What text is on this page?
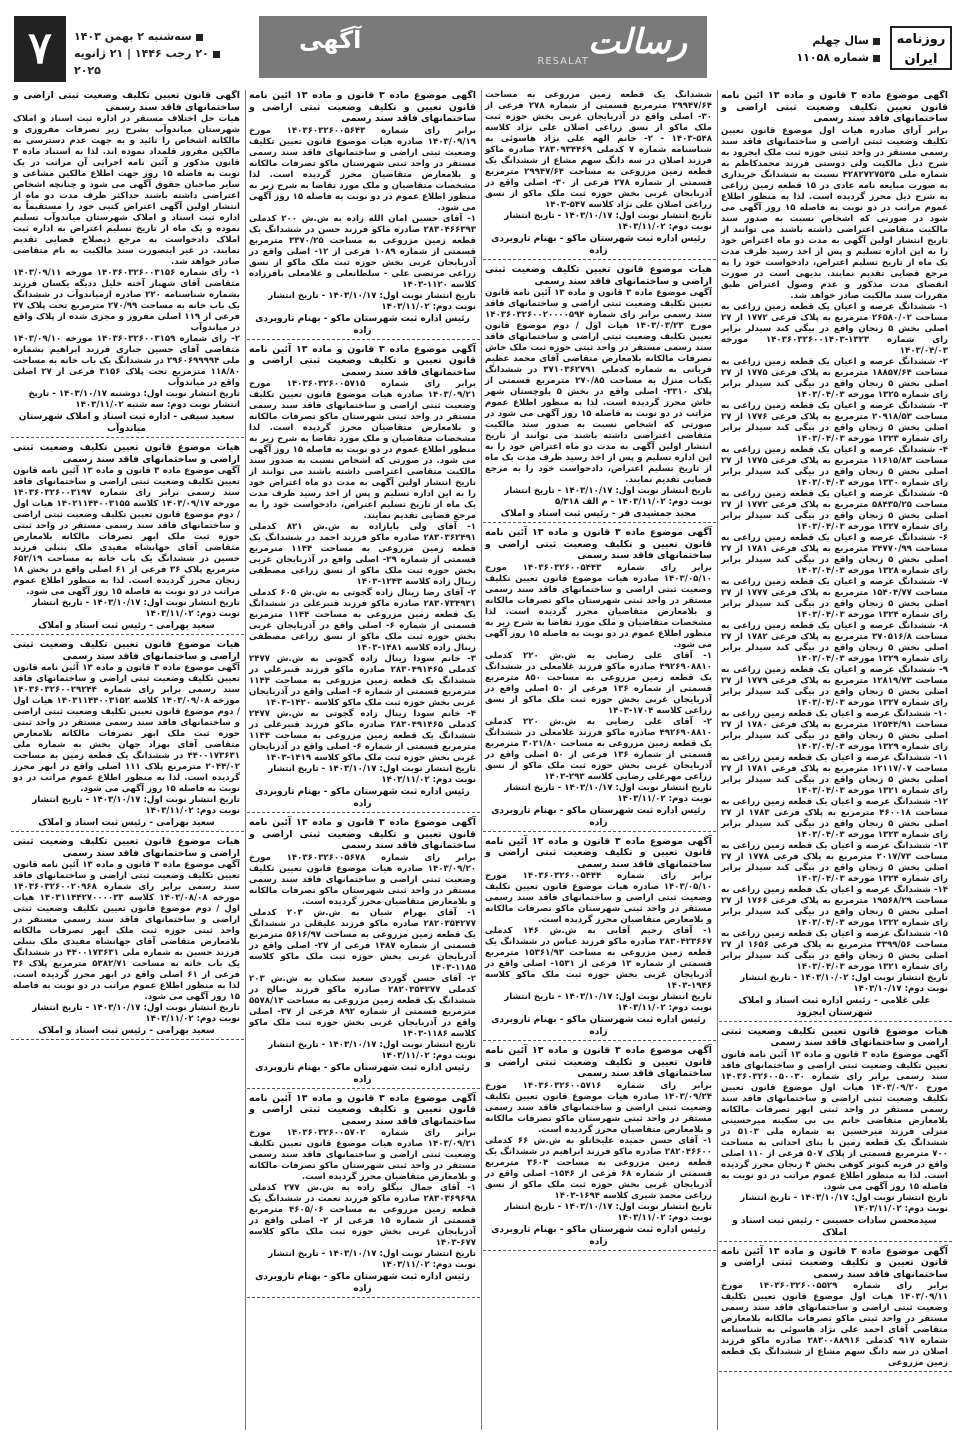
۷	سه‌شنبه ۲ بهمن ۱۴۰۳
۲۰ رجب ۱۴۴۶ | ۲۱ ژانویه ۲۰۲۵
آگهی	رسالت
RESALAT
روزنامه ایران
سال چهلم
شماره ۱۱۰۵۸
آگهی موضوع ماده ۳ قانون و ماده ۱۳ آئین نامه قانون تعیین تکلیف وضعیت ثبتی اراضی و ساختمانهای فاقد سند رسمی
برابر آرای صادره هیات اول موضوع قانون تعیین تکلیف وضعیت ثبتی اراضی و ساختمانهای فاقد سند رسمی مستقر در واحد ثبتی حوزه ثبت ملک ایجرود به شرح ذیل مالکیت ولی دوستی فرزند محمدکاظم به شماره ملی ۴۲۸۲۷۲۷۵۳۵ نسبت به ششدانگ خریداری به صورت مبایعه نامه عادی در ۱۵ قطعه زمین زراعی به شرح ذیل محرز گردیده است. لذا به منظور اطلاع عموم مراتب در دو نوبت به فاصله ۱۵ روز آگهی می شود در صورتی که اشخاص نسبت به صدور سند مالکیت متقاضی اعتراضی داشته باشند می توانند از تاریخ انتشار اولین آگهی به مدت دو ماه اعتراض خود را به این اداره تسلیم و پس از اخذ رسید ظرف مدت یک ماه از تاریخ تسلیم اعتراض، دادخواست خود را به مرجع قضایی تقدیم نمایند. بدیهی است در صورت انقضای مدت مذکور و عدم وصول اعتراض طبق مقررات سند مالکیت صادر خواهد شد.
۱- ششدانگ عرصه و اعیان یک قطعه زمین زراعی به مساحت ۲۶۵۸۰/۰۲ مترمربع به پلاک فرعی ۱۷۷۲ از ۲۷ اصلی بخش ۵ زنجان واقع در بیگی کند سیدلر برابر رای شماره ۱۳۲۳-۱۴۰۳۶۰۳۲۶۰۰۱۴۰۳ مورخه ۱۴۰۳/۰۴/۰۳
۲- ششدانگ عرصه و اعیان یک قطعه زمین زراعی به مساحت ۱۸۸۵۷/۶۴ مترمربع به پلاک فرعی ۱۷۷۵ از ۲۷ اصلی بخش ۵ زنجان واقع در بیگی کند سیدلر برابر رای شماره ۱۳۲۵ مورخه ۱۴۰۳/۰۴/۰۳
۳- ششدانگ عرصه و اعیان یک قطعه زمین زراعی به مساحت ۲۰۹۱۸/۵۳ مترمربع به پلاک فرعی ۱۷۷۶ از ۲۷ اصلی بخش ۵ زنجان واقع در بیگی کند سیدلر برابر رای شماره ۱۳۲۳ مورخه ۱۴۰۳/۰۴/۰۳
۴- ششدانگ عرصه و اعیان یک قطعه زمین زراعی به مساحت ۱۱۶۱۵/۸۳ مترمربع به پلاک فرعی ۱۷۷۵ از ۲۷ اصلی بخش ۵ زنجان واقع در بیگی کند سیدلر برابر رای شماره ۱۳۳۰ مورخه ۱۴۰۳/۰۴/۰۳
۵- ششدانگ عرصه و اعیان یک قطعه زمین زراعی به مساحت ۵۸۴۳۵/۲۵ مترمربع به پلاک فرعی ۱۷۷۲ از ۲۷ اصلی بخش ۵ زنجان واقع در بیگی کند سیدلر برابر رای شماره ۱۳۲۷ مورخه ۱۴۰۳/۰۴/۰۳
۶- ششدانگ عرصه و اعیان یک قطعه زمین زراعی به مساحت ۳۴۷۷۰/۹۹ مترمربع به پلاک فرعی ۱۷۸۱ از ۲۷ اصلی بخش ۵ زنجان واقع در بیگی کند سیدلر برابر رای شماره ۱۳۲۸ مورخه ۱۴۰۳/۰۴/۰۳
۷- ششدانگ عرصه و اعیان یک قطعه زمین زراعی به مساحت ۱۵۴۰۴/۷۷ مترمربع به پلاک فرعی ۱۷۷۷ از ۲۷ اصلی بخش ۵ زنجان واقع در بیگی کند سیدلر برابر رای شماره ۱۳۲۴ مورخه ۱۴۰۳/۰۴/۰۳
۸- ششدانگ عرصه و اعیان یک قطعه زمین زراعی به مساحت ۳۷۰۵۱۶/۸ مترمربع به پلاک فرعی ۱۷۸۲ از ۲۷ اصلی بخش ۵ زنجان واقع در بیگی کند سیدلر برابر رای شماره ۱۳۲۹ مورخه ۱۴۰۳/۰۴/۰۳
۹- ششدانگ عرصه و اعیان یک قطعه زمین زراعی به مساحت ۱۲۸۱۹/۷۳ مترمربع به پلاک فرعی ۱۷۷۹ از ۲۷ اصلی بخش ۵ زنجان واقع در بیگی کند سیدلر برابر رای شماره ۱۳۲۷ مورخه ۱۴۰۳/۰۴/۰۳
۱۰- ششدانگ عرصه و اعیان یک قطعه زمین زراعی به مساحت ۱۲۵۴۴/۹۱ مترمربع به پلاک فرعی ۱۷۸۰ از ۲۷ اصلی بخش ۵ زنجان واقع در بیگی کند سیدلر برابر رای شماره ۱۳۲۹ مورخه ۱۴۰۳/۰۴/۰۳
۱۱- ششدانگ عرصه و اعیان یک قطعه زمین زراعی به مساحت ۱۲۱۱۷/۰۷ مترمربع به پلاک فرعی ۱۷۸۱ از ۲۷ اصلی بخش ۵ زنجان واقع در بیگی کند سیدلر برابر رای شماره ۱۳۲۱ مورخه ۱۴۰۳/۰۴/۰۳
۱۲- ششدانگ عرصه و اعیان یک قطعه زمین زراعی به مساحت ۴۶۰۰۱۸ مترمربع به پلاک فرعی ۱۷۸۳ از ۲۷ اصلی بخش ۵ زنجان واقع در بیگی کند سیدلر برابر رای شماره ۱۳۲۳ مورخه ۱۴۰۳/۰۴/۰۳
۱۳- ششدانگ عرصه و اعیان یک قطعه زمین زراعی به مساحت ۲۰۱۷/۷۳ مترمربع به پلاک فرعی ۱۷۷۸ از ۲۷ اصلی بخش ۵ زنجان واقع در بیگی کند سیدلر برابر رای شماره ۱۳۲۴ مورخه ۱۴۰۳/۰۴/۰۳
۱۴- ششدانگ عرصه و اعیان یک قطعه زمین زراعی به مساحت ۱۹۵۶۸/۲۹ مترمربع به پلاک فرعی ۱۷۶۶ از ۲۷ اصلی بخش ۵ زنجان واقع در بیگی کند سیدلر برابر رای شماره ۱۳۲۲ مورخه ۱۴۰۳/۰۴/۰۳
۱۵- ششدانگ عرصه و اعیان یک قطعه زمین زراعی به مساحت ۳۳۹۹/۵۶ مترمربع به پلاک فرعی ۱۶۵۶ از ۲۷ اصلی بخش ۵ زنجان واقع در بیگی کند سیدلر برابر رای شماره ۱۳۲۱ مورخه ۱۴۰۳/۰۴/۰۳
تاریخ انتشار نوبت اول: ۱۴۰۳/۱۰/۰۲ - تاریخ انتشار نوبت دوم: ۱۴۰۳/۱۰/۱۷
علی غلامی - رئیس اداره ثبت اسناد و املاک شهرستان ایجرود
هیات موضوع قانون تعیین تکلیف وضعیت ثبتی اراضی و ساختمانهای فاقد سند رسمی
آگهی موضوع ماده ۳ قانون و ماده ۱۳ آئین نامه قانون تعیین تکلیف وضعیت ثبتی اراضی و ساختمانهای فاقد سند رسمی برابر رای شماره ۱۴۰۳۶۰۳۲۶۰۰۵۰۰۳۰ مورخ ۱۴۰۳/۰۹/۲۰ هیات اول موضوع قانون تعیین تکلیف وضعیت ثبتی اراضی و ساختمانهای فاقد سند رسمی مستقر در واحد ثبتی ابهر تصرفات مالکانه بلامعارض متقاضی خانم بی بی سکینه میرحسینی منزلی فرزند میرحسین به شماره ملی ۵۱۰۳ در ششدانگ یک قطعه زمین با بنای احداثی به مساحت ۷۰۰ مترمربع قسمتی از پلاک ۵۰۷ فرعی از ۱۱۰ اصلی واقع در قریه کبوتر کوهی بخش ۴ زنجان محرز گردیده است. لذا به منظور اطلاع عموم مراتب در دو نوبت به فاصله ۱۵ روز آگهی می شود.
تاریخ انتشار نوبت اول: ۱۴۰۳/۱۰/۱۷ - تاریخ انتشار نوبت دوم: ۱۴۰۳/۱۱/۰۲
سیدمحسن سادات حسینی - رئیس ثبت اسناد و املاک
آگهی موضوع ماده ۳ قانون و ماده ۱۳ آئین نامه قانون تعیین و تکلیف وضعیت ثبتی اراضی و ساختمانهای فاقد سند رسمی
برابر رای شماره ۱۴۰۳۶۰۳۲۶۰۰۵۵۲۹ مورخ ۱۴۰۳/۰۹/۱۱ هیات اول موضوع قانون تعیین تکلیف وضعیت ثبتی اراضی و ساختمانهای فاقد سند رسمی مستقر در واحد ثبتی ماکو تصرفات مالکانه بلامعارض متقاضی آقای احمد علی نژاد هاسوئی به شناسنامه شماره ۹۱۷ کدملی ۲۸۳۰۰۸۸۹۱۶ صادره ماکو فرزند اصلان در سه دانگ سهم مشاع از ششدانگ یک قطعه زمین مزروعی
ششدانگ یک قطعه زمین مزروعی به مساحت ۲۹۹۴۷/۶۴ مترمربع قسمتی از شماره ۲۷۸ فرعی از ۳۰- اصلی واقع در آذربایجان غربی بخش حوزه ثبت ملک ماکو از نسق زراعی اصلان علی نژاد کلاسه ۵۴۸-۱۴۰۳ - ۲- خانم الهه علی نژاد هاسوئی به شناسنامه شماره ۷ کدملی ۲۸۳۰۹۳۴۴۶۹ صادره ماکو فرزند اصلان در سه دانگ سهم مشاع از ششدانگ یک قطعه زمین مزروعی به مساحت ۲۹۹۴۷/۶۴ مترمربع قسمتی از شماره ۲۷۸ فرعی از ۳۰- اصلی واقع در آذربایجان غربی بخش حوزه ثبت ملک ماکو از نسق زراعی اصلان علی نژاد کلاسه ۵۴۷-۱۴۰۳
تاریخ انتشار نوبت اول: ۱۴۰۳/۱۰/۱۷ - تاریخ انتشار نوبت دوم: ۱۴۰۳/۱۱/۰۲
رئیس اداره ثبت شهرستان ماکو - بهنام تاروبردی زاده
هیات موضوع قانون تعیین تکلیف وضعیت ثبتی اراضی و ساختمانهای فاقد سند رسمی
آگهی موضوع ماده ۳ قانون و ماده ۱۳ آئین نامه قانون تعیین تکلیف وضعیت ثبتی اراضی و ساختمانهای فاقد سند رسمی برابر رای شماره ۱۴۰۳۶۰۳۲۶۰۰۲۰۰۰۰۵۹۴ مورخ ۱۴۰۳/۰۳/۲۳ هیات اول / دوم موضوع قانون تعیین تکلیف وضعیت ثبتی اراضی و ساختمانهای فاقد سند رسمی مستقر در واحد ثبتی حوزه ثبت ملک خاش تصرفات مالکانه بلامعارض متقاضی آقای محمد عظیم قربانی به شماره کدملی ۳۷۱۰۳۶۲۷۹۱ در ششدانگ یکباب منزل به مساحت ۲۷۰/۸۵ مترمربع قسمتی از پلاک ۳۳۱۰- اصلی واقع در بخش ۵ بلوچستان شهر خاش محرز گردیده است. لذا به منظور اطلاع عموم مراتب در دو نوبت به فاصله ۱۵ روز آگهی می شود در صورتی که اشخاص نسبت به صدور سند مالکیت متقاضی اعتراضی داشته باشند می توانند از تاریخ انتشار اولین آگهی به مدت دو ماه اعتراض خود را به این اداره تسلیم و پس از اخذ رسید ظرف مدت یک ماه از تاریخ تسلیم اعتراض، دادخواست خود را به مرجع قضایی تقدیم نمایند.
تاریخ انتشار نوبت اول: ۱۴۰۳/۱۰/۱۷ - تاریخ انتشار نوبت دوم: ۱۴۰۳/۱۱/۰۲ - م الف ۵/۳۱۸
مجید جمشیدی فر - رئیس ثبت اسناد و املاک
آگهی موضوع ماده ۳ قانون و ماده ۱۳ آئین نامه قانون تعیین و تکلیف وضعیت ثبتی اراضی و ساختمانهای فاقد سند رسمی
برابر رای شماره ۱۴۰۳۶۰۳۲۶۰۰۵۴۴۳ مورخ ۱۴۰۳/۰۵/۱۰ صادره هیات موضوع قانون تعیین تکلیف وضعیت ثبتی اراضی و ساختمانهای فاقد سند رسمی مستقر در واحد ثبتی شهرستان ماکو تصرفات مالکانه و بلامعارض متقاضیان محرز گردیده است. لذا مشخصات متقاضیان و ملک مورد تقاضا به شرح زیر به منظور اطلاع عموم در دو نوبت به فاصله ۱۵ روز آگهی می شود.
۱- آقای علی رضایی به ش.ش ۲۲۰ کدملی ۴۹۲۶۹۰۸۸۱۰ صادره ماکو فرزند غلامعلی در ششدانگ یک قطعه زمین مزروعی به مساحت ۸۵۰ مترمربع قسمتی از شماره ۱۳۶ فرعی از ۵۰ اصلی واقع در آذربایجان غربی بخش حوزه ثبت ملک ماکو از نسق زراعی کلاسه ۱۷۰۴-۱۴۰۳
۲- آقای علی رضایی به ش.ش ۲۲۰ کدملی ۴۹۲۶۹۰۸۸۱۰ صادره ماکو فرزند غلامعلی در ششدانگ یک قطعه زمین مزروعی به مساحت ۳۰۲۱/۸۰ مترمربع قسمتی از شماره ۱۳۶ فرعی از ۵۰ اصلی واقع در آذربایجان غربی بخش حوزه ثبت ملک ماکو از نسق زراعی مهرعلی رضایی کلاسه ۲۹۳-۱۴۰۳
تاریخ انتشار نوبت اول: ۱۴۰۳/۱۰/۱۷ - تاریخ انتشار نوبت دوم: ۱۴۰۳/۱۱/۰۲
رئیس اداره ثبت شهرستان ماکو - بهنام تاروبردی زاده
آگهی موضوع ماده ۳ قانون و ماده ۱۳ آئین نامه قانون تعیین و تکلیف وضعیت ثبتی اراضی و ساختمانهای فاقد سند رسمی
برابر رای شماره ۱۴۰۳۶۰۳۲۶۰۰۵۴۴۴ مورخ ۱۴۰۳/۰۵/۱۰ صادره هیات موضوع قانون تعیین تکلیف وضعیت ثبتی اراضی و ساختمانهای فاقد سند رسمی مستقر در واحد ثبتی شهرستان ماکو تصرفات مالکانه و بلامعارض متقاضیان محرز گردیده است.
۱- آقای رحیم آقایی به ش.ش ۱۴۶ کدملی ۲۸۳۰۴۲۳۶۶۷ صادره ماکو فرزند عباس در ششدانگ یک قطعه زمین مزروعی به مساحت ۱۵۳۶۱/۹۳ مترمربع قسمتی از شماره ۱۳ فرعی از ۱۵۳۱- اصلی واقع در آذربایجان غربی بخش حوزه ثبت ملک ماکو کلاسه ۱۹۴۶-۱۴۰۳
تاریخ انتشار نوبت اول: ۱۴۰۳/۱۰/۱۷ - تاریخ انتشار نوبت دوم: ۱۴۰۳/۱۱/۰۲
رئیس اداره ثبت شهرستان ماکو - بهنام تاروبردی زاده
آگهی موضوع ماده ۳ قانون و ماده ۱۳ آئین نامه قانون تعیین و تکلیف وضعیت ثبتی اراضی و ساختمانهای فاقد سند رسمی
برابر رای شماره ۱۴۰۳۶۰۳۲۶۰۰۵۷۱۶ مورخ ۱۴۰۳/۰۹/۲۴ صادره هیات موضوع قانون تعیین تکلیف وضعیت ثبتی اراضی و ساختمانهای فاقد سند رسمی مستقر در واحد ثبتی شهرستان ماکو تصرفات مالکانه و بلامعارض متقاضیان محرز گردیده است.
۱- آقای حسن حمیده علیخانلو به ش.ش ۶۶ کدملی ۲۸۲۰۴۶۶۰۰ صادره ماکو فرزند ابراهیم در ششدانگ یک قطعه زمین مزروعی به مساحت ۳۶۰۴ مترمربع قسمتی از شماره ۶۸ فرعی از ۱۵۴۶- اصلی واقع در آذربایجان غربی بخش حوزه ثبت ملک ماکو از نسق زراعی محمد شیری کلاسه ۱۶۹۴-۱۴۰۳
تاریخ انتشار نوبت اول: ۱۴۰۳/۱۰/۱۷ - تاریخ انتشار نوبت دوم: ۱۴۰۳/۱۱/۰۲
رئیس اداره ثبت شهرستان ماکو - بهنام تاروبردی زاده
آگهی موضوع ماده ۳ قانون و ماده ۱۳ آئین نامه قانون تعیین و تکلیف وضعیت ثبتی اراضی و ساختمانهای فاقد سند رسمی
برابر رای شماره ۱۴۰۳۶۰۳۲۶۰۰۵۶۴۳ مورخ ۱۴۰۳/۰۹/۱۹ صادره هیات موضوع قانون تعیین تکلیف وضعیت ثبتی اراضی و ساختمانهای فاقد سند رسمی مستقر در واحد ثبتی شهرستان ماکو تصرفات مالکانه و بلامعارض متقاضیان محرز گردیده است. لذا مشخصات متقاضیان و ملک مورد تقاضا به شرح زیر به منظور اطلاع عموم در دو نوبت به فاصله ۱۵ روز آگهی می شود.
۱- آقای حسین امان الله زاده به ش.ش ۲۰۰ کدملی ۲۸۳۰۴۶۶۳۹۳ صادره ماکو فرزند حسن در ششدانگ یک قطعه زمین مزروعی به مساحت ۳۳۷۰/۲۵ مترمربع قسمتی از شماره ۱۰۸۹ فرعی از ۱۲- اصلی واقع در آذربایجان غربی بخش حوزه ثبت ملک ماکو از نسق زراعی مرتضی علی - سلطانعلی و غلامعلی باقرزاده کلاسه ۱۱۲۰-۱۴۰۳
تاریخ انتشار نوبت اول: ۱۴۰۳/۱۰/۱۷ - تاریخ انتشار نوبت دوم: ۱۴۰۳/۱۱/۰۲
رئیس اداره ثبت شهرستان ماکو - بهنام تاروبردی زاده
آگهی موضوع ماده ۳ قانون و ماده ۱۳ آئین نامه قانون تعیین و تکلیف وضعیت ثبتی اراضی و ساختمانهای فاقد سند رسمی
برابر رای شماره ۱۴۰۳۶۰۳۲۶۰۰۵۷۱۵ مورخ ۱۴۰۳/۰۹/۲۱ صادره هیات موضوع قانون تعیین تکلیف وضعیت ثبتی اراضی و ساختمانهای فاقد سند رسمی مستقر در واحد ثبتی شهرستان ماکو تصرفات مالکانه و بلامعارض متقاضیان محرز گردیده است. لذا مشخصات متقاضیان و ملک مورد تقاضا به شرح زیر به منظور اطلاع عموم در دو نوبت به فاصله ۱۵ روز آگهی می شود. در صورتی که اشخاص نسبت به صدور سند مالکیت متقاضی اعتراضی داشته باشند می توانند از تاریخ انتشار اولین آگهی به مدت دو ماه اعتراض خود را به این اداره تسلیم و پس از اخذ رسید ظرف مدت یک ماه از تاریخ تسلیم اعتراض، دادخواست خود را به مرجع قضایی تقدیم نمایند.
۱- آقای ولی بابازاده به ش.ش ۸۲۱ کدملی ۲۸۳۰۳۶۲۴۹۱ صادره ماکو فرزند احمد در ششدانگ یک قطعه زمین مزروعی به مساحت ۱۱۴۴ مترمربع قسمتی از شماره ۲۹- اصلی واقع در آذربایجان غربی بخش حوزه ثبت ملک ماکو از نسق زراعی مصطفی زینال زاده کلاسه ۱۲۴۳-۱۴۰۳
۲- آقای رضا زینال زاده گجوتی به ش.ش ۶۰۵ کدملی ۲۸۳۰۷۳۴۹۳۱ صادره ماکو فرزند قنبرعلی در ششدانگ یک قطعه زمین مزروعی به مساحت ۱۱۴۴ مترمربع قسمتی از شماره ۶- اصلی واقع در آذربایجان غربی بخش حوزه ثبت ملک ماکو از نسق زراعی مصطفی زینال زاده کلاسه ۱۴۸۱-۱۴۰۳
۳- خانم سودا زینال زاده گجوتی به ش.ش ۲۴۷۷ کدملی ۲۸۳۰۴۹۱۴۶۵ صادره ماکو فرزند قنبرعلی در ششدانگ یک قطعه زمین مزروعی به مساحت ۱۱۴۴ مترمربع قسمتی از شماره ۶- اصلی واقع در آذربایجان غربی بخش حوزه ثبت ملک ماکو کلاسه ۱۴۲۰-۱۴۰۳
۴- خانم سودا زینال زاده گجوتی به ش.ش ۲۴۷۷ کدملی ۲۸۳۰۴۹۱۴۶۵ صادره ماکو فرزند قنبرعلی در ششدانگ یک قطعه زمین مزروعی به مساحت ۱۱۴۴ مترمربع قسمتی از شماره ۶- اصلی واقع در آذربایجان غربی بخش حوزه ثبت ملک ماکو کلاسه ۱۴۱۹-۱۴۰۳
تاریخ انتشار نوبت اول: ۱۴۰۳/۱۰/۱۷ - تاریخ انتشار نوبت دوم: ۱۴۰۳/۱۱/۰۲
رئیس اداره ثبت شهرستان ماکو - بهنام تاروبردی زاده
آگهی موضوع ماده ۳ قانون و ماده ۱۳ آئین نامه قانون تعیین و تکلیف وضعیت ثبتی اراضی و ساختمانهای فاقد سند رسمی
برابر رای شماره ۱۴۰۳۶۰۳۲۶۰۰۵۶۷۸ مورخ ۱۴۰۳/۰۹/۲۰ صادره هیات موضوع قانون تعیین تکلیف وضعیت ثبتی اراضی و ساختمانهای فاقد سند رسمی مستقر در واحد ثبتی شهرستان ماکو تصرفات مالکانه و بلامعارض متقاضیان محرز گردیده است.
۱- آقای بهرام شبان به ش.ش ۲۰۳ کدملی ۲۸۲۰۳۵۴۲۷۷ صادره ماکو فرزند علیقلی در ششدانگ یک قطعه زمین مزروعی به مساحت ۵۶۱۶/۹۷ مترمربع قسمتی از شماره ۱۴۸۷ فرعی از ۲۷- اصلی واقع در آذربایجان غربی بخش حوزه ثبت ملک ماکو کلاسه ۱۱۸۵-۱۴۰۳
۲- آقای حسن گوردی سعید سکبان به ش.ش ۲۰۳ کدملی ۲۸۲۰۳۵۴۲۷۷ صادره ماکو فرزند صالح در ششدانگ یک قطعه زمین مزروعی به مساحت ۵۵۷۸/۱۴ مترمربع قسمتی از شماره ۸۹۲ فرعی از ۳۷- اصلی واقع در آذربایجان غربی بخش حوزه ثبت ملک ماکو کلاسه ۱۱۸۶-۱۴۰۳
تاریخ انتشار نوبت اول: ۱۴۰۳/۱۰/۱۷ - تاریخ انتشار نوبت دوم: ۱۴۰۳/۱۱/۰۲
رئیس اداره ثبت شهرستان ماکو - بهنام تاروبردی زاده
آگهی موضوع ماده ۳ قانون و ماده ۱۳ آئین نامه قانون تعیین و تکلیف وضعیت ثبتی اراضی و ساختمانهای فاقد سند رسمی
برابر رای شماره ۱۴۰۳۶۰۳۲۶۰۰۵۷۰۲ مورخ ۱۴۰۳/۰۹/۲۱ صادره هیات موضوع قانون تعیین تکلیف وضعیت ثبتی اراضی و ساختمانهای فاقد سند رسمی مستقر در واحد ثبتی شهرستان ماکو تصرفات مالکانه و بلامعارض متقاضیان محرز گردیده است.
۱- آقای جمال بیگلو زاده به ش.ش ۲۷۷ کدملی ۲۸۳۰۳۶۹۶۹۸ صادره ماکو فرزند نعمت در ششدانگ یک قطعه زمین مزروعی به مساحت ۴۶۰۵/۰۶ مترمربع قسمتی از شماره ۱۵ فرعی از ۲- اصلی واقع در آذربایجان غربی بخش حوزه ثبت ملک ماکو کلاسه ۶۷۷-۱۴۰۳
تاریخ انتشار نوبت اول: ۱۴۰۳/۱۰/۱۷ - تاریخ انتشار نوبت دوم: ۱۴۰۳/۱۱/۰۲
رئیس اداره ثبت شهرستان ماکو - بهنام تاروبردی زاده
آگهی قانون تعیین تکلیف وضعیت ثبتی اراضی و ساختمانهای فاقد سند رسمی
هیات حل اختلاف مستقر در اداره ثبت اسناد و املاک شهرستان میاندوآب بشرح زیر تصرفات مفروزی و مالکانه اشخاص را تائید و به جهت عدم دسترسی به مالکین مفروز قلمداد نموده اند. لذا به استناد ماده ۳ قانون مذکور و آئین نامه اجرایی آن مراتب در یک نوبت به فاصله ۱۵ روز جهت اطلاع مالکین مشاعی و سایر صاحبان حقوق آگهی می شود و چنانچه اشخاص اعتراضی داشته باشند حداکثر ظرف مدت دو ماه از انتشار اولین آگهی اعتراض کتبی خود را مستقیماً به اداره ثبت اسناد و املاک شهرستان میاندوآب تسلیم نموده و یک ماه از تاریخ تسلیم اعتراض به اداره ثبت املاک دادخواست به مرجع ذیصلاح قضایی تقدیم نمایند. در غیر اینصورت سند مالکیت به نام متقاضی صادر خواهد شد.
۱- رای شماره ۱۴۰۳۶۰۳۲۶۰۰۳۱۵۶ مورخه ۱۴۰۳/۰۹/۱۱ متقاضی آقای شهباز آخته خلیل ددیگه یکسان فرزند بشماره شناسنامه ۲۲۰ صادره ازمیاندوآب در ششدانگ یک باب خانه به مساحت ۲۷۰/۹۹ مترمربع تحت پلاک ۲۷ فرعی از ۱۱۹ اصلی مفروز و مجزی شده از پلاک واقع در میاندوآب
۲- رای شماره ۱۴۰۳۶۰۳۲۶۰۰۳۱۵۹ مورخه ۱۴۰۳/۰۹/۱۰ متقاضی آقای حسین جباری فرزند ابراهیم بشماره ملی ۲۹۶۰۶۹۹۹۹۴ در ششدانگ یک باب خانه به مساحت ۱۱۸/۸۰ مترمربع تحت پلاک ۳۱۵۶ فرعی از ۲۷ اصلی واقع در میاندوآب
تاریخ انتشار نوبت اول: دوشنبه ۱۴۰۳/۱۰/۱۷ - تاریخ انتشار نوبت دوم: سه شنبه ۱۴۰۳/۱۱/۰۲
سعید سیفی - اداره ثبت اسناد و املاک شهرستان میاندوآب
هیات موضوع قانون تعیین تکلیف وضعیت ثبتی اراضی و ساختمانهای فاقد سند رسمی
آگهی موضوع ماده ۳ قانون و ماده ۱۳ آئین نامه قانون تعیین تکلیف وضعیت ثبتی اراضی و ساختمانهای فاقد سند رسمی برابر رای شماره ۱۴۰۳۶۰۳۲۶۰۰۳۱۹۷ مورخه ۱۴۰۳/۰۹/۱۷ کلاسه ۱۴۰۲۱۱۴۴۰۰۳۱۵۵ هیات اول / دوم موضوع قانون تعیین تکلیف وضعیت ثبتی اراضی و ساختمانهای فاقد سند رسمی مستقر در واحد ثبتی حوزه ثبت ملک ابهر تصرفات مالکانه بلامعارض متقاضی آقای جهانشاه مفیدی ملک بنبلی فرزند حسین در ششدانگ یک باب خانه به مساحت ۶۵۲/۱۹ مترمربع پلاک ۳۶ فرعی از ۶۱ اصلی واقع در بخش ۱۸ زنجان محرز گردیده است. لذا به منظور اطلاع عموم مراتب در دو نوبت به فاصله ۱۵ روز آگهی می شود.
تاریخ انتشار نوبت اول: ۱۴۰۳/۱۰/۱۷ - تاریخ انتشار نوبت دوم: ۱۴۰۳/۱۱/۰۲
سعید بهرامی - رئیس ثبت اسناد و املاک
هیات موضوع قانون تعیین تکلیف وضعیت ثبتی اراضی و ساختمانهای فاقد سند رسمی
آگهی موضوع ماده ۳ قانون و ماده ۱۳ آئین نامه قانون تعیین تکلیف وضعیت ثبتی اراضی و ساختمانهای فاقد سند رسمی برابر رای شماره ۱۴۰۳۶۰۳۲۶۰۰۲۹۲۴۴ مورخه ۱۴۰۳/۰۹/۰۸ کلاسه ۱۴۰۳۱۱۴۴۰۰۳۱۵۲ هیات اول / دوم موضوع قانون تعیین تکلیف وضعیت ثبتی اراضی و ساختمانهای فاقد سند رسمی مستقر در واحد ثبتی حوزه ثبت ملک ابهر تصرفات مالکانه بلامعارض متقاضی آقای بهزاد جهان بخش به شماره ملی ۴۴۰۰۱۷۳۶۳۱ در ششدانگ یک قطعه زمین به مساحت ۲۰۴۴/۰۲ مترمربع پلاک ۱۱۱ اصلی واقع در ابهر محرز گردیده است. لذا به منظور اطلاع عموم مراتب در دو نوبت به فاصله ۱۵ روز آگهی می شود.
تاریخ انتشار نوبت اول: ۱۴۰۳/۱۰/۱۷ - تاریخ انتشار نوبت دوم: ۱۴۰۳/۱۱/۰۲
سعید بهرامی - رئیس ثبت اسناد و املاک
هیات موضوع قانون تعیین تکلیف وضعیت ثبتی اراضی و ساختمانهای فاقد سند رسمی
آگهی موضوع ماده ۳ قانون و ماده ۱۳ آئین نامه قانون تعیین تکلیف وضعیت ثبتی اراضی و ساختمانهای فاقد سند رسمی برابر رای شماره ۱۴۰۳۶۰۳۲۶۰۰۲۰۹۶۸ مورخه ۱۴۰۳/۰۸/۰۸ کلاسه ۱۴۰۳۱۱۴۴۲۷۰۰۰۰۳۳ هیات اول / دوم موضوع قانون تعیین تکلیف وضعیت ثبتی اراضی و ساختمانهای فاقد سند رسمی مستقر در واحد ثبتی حوزه ثبت ملک ابهر تصرفات مالکانه بلامعارض متقاضی آقای جهانشاه مفیدی ملک بنبلی فرزند حسین به شماره ملی ۴۴۰۰۱۷۳۶۳۱ در ششدانگ یک باب خانه به مساحت ۵۳۸۲/۷۱ مترمربع پلاک ۳۶ فرعی از ۶۱ اصلی واقع در ابهر محرز گردیده است. لذا به منظور اطلاع عموم مراتب در دو نوبت به فاصله ۱۵ روز آگهی می شود.
تاریخ انتشار نوبت اول: ۱۴۰۳/۱۰/۱۷ - تاریخ انتشار نوبت دوم: ۱۴۰۳/۱۱/۰۲
سعید بهرامی - رئیس ثبت اسناد و املاک
